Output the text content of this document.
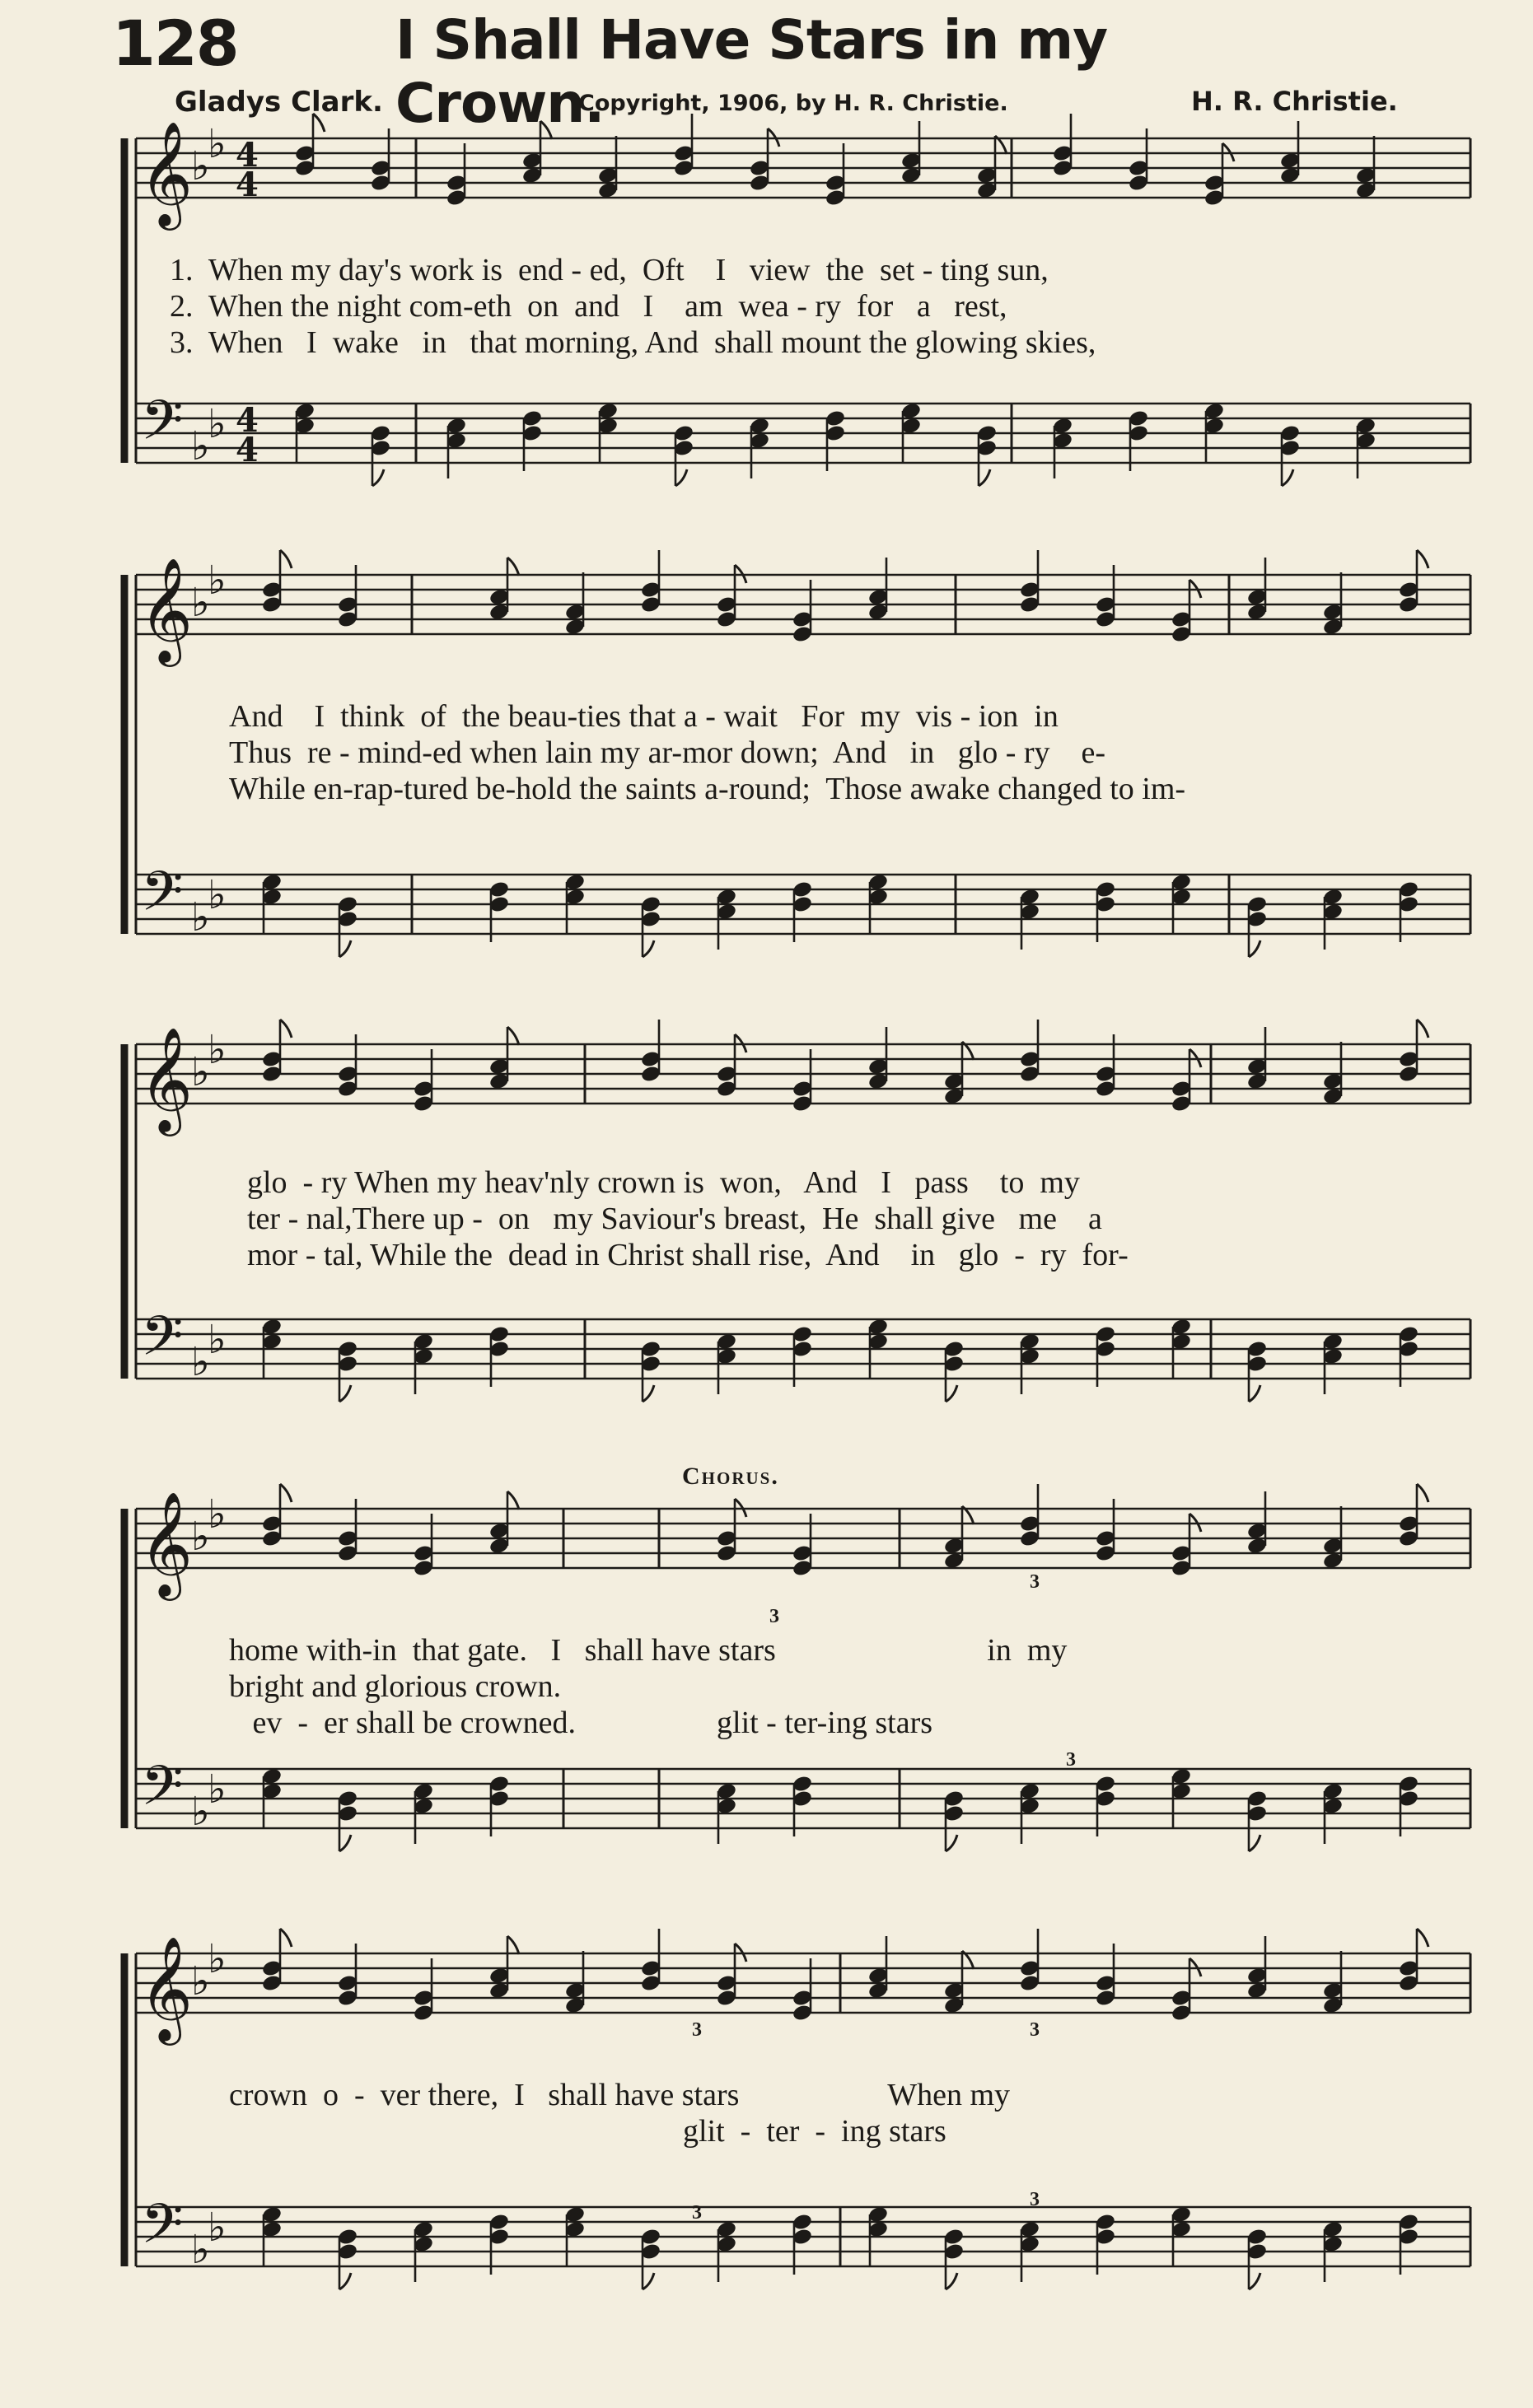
128	I Shall Have Stars in my Crown.
Gladys Clark.	Copyright, 1906, by H. R. Christie.	H. R. Christie.
𝄞
𝄢
♭
♭
♭
♭
4
4
4
4
𝄞
𝄢
♭
♭
♭
♭
𝄞
𝄢
♭
♭
♭
♭
𝄞
𝄢
♭
♭
♭
♭
𝄞
𝄢
♭
♭
♭
♭
1.  When my day's work is  end - ed,  Oft    I   view  the  set - ting sun,
2.  When the night com-eth  on  and   I    am  wea - ry  for   a   rest,
3.  When   I  wake   in   that morning, And  shall mount the glowing skies,
And    I  think  of  the beau-ties that a - wait   For  my  vis - ion  in
Thus  re - mind-ed when lain my ar-mor down;  And   in   glo - ry    e-
While en-rap-tured be-hold the saints a-round;  Those awake changed to im-
glo  - ry When my heav'nly crown is  won,   And   I   pass    to  my
ter - nal,There up -  on   my Saviour's breast,  He  shall give   me    a
mor - tal, While the  dead in Christ shall rise,  And    in   glo  -  ry  for-
Chorus.
home with-in  that gate.   I   shall have stars                           in  my
bright and glorious crown.
ev  -  er shall be crowned.                  glit - ter-ing stars
crown  o  -  ver there,  I   shall have stars                   When my
glit  -  ter  -  ing stars
3
3
3
3	3
3
3
